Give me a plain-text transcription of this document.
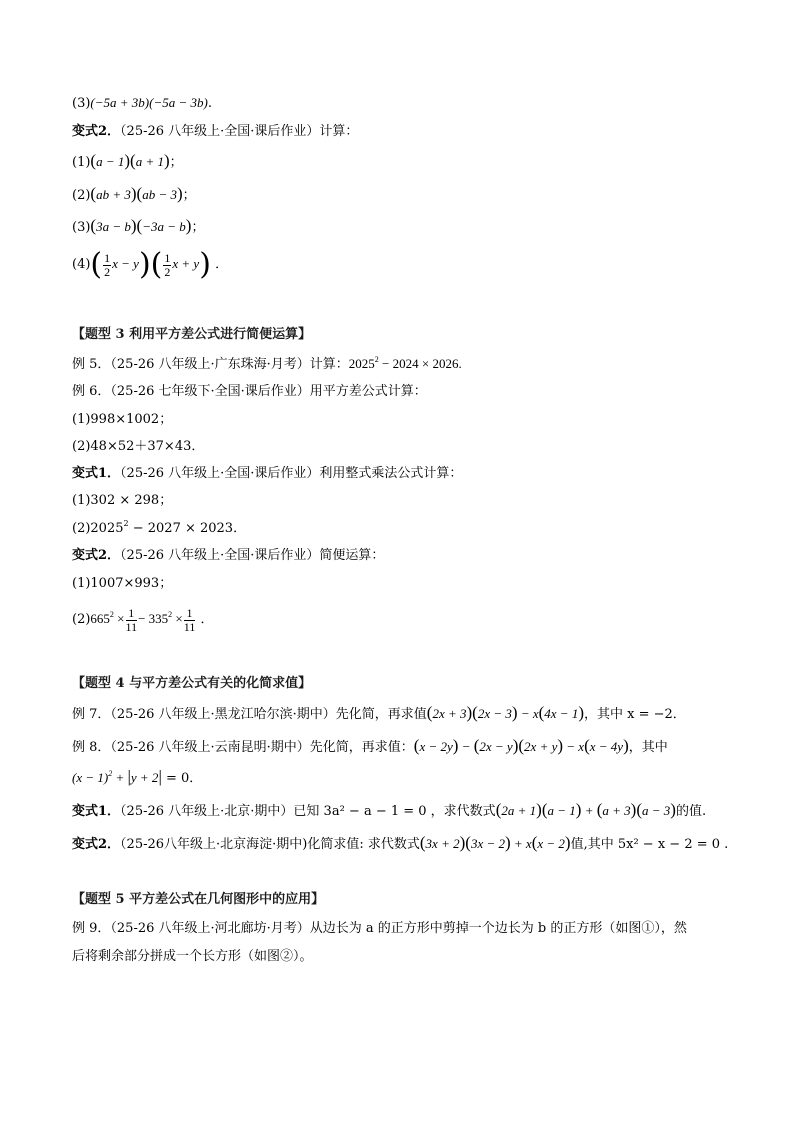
(3)(−5a + 3b)(−5a − 3b).
变式2．（25-26 八年级上·全国·课后作业）计算：
(1)(a − 1)(a + 1)；
(2)(ab + 3)(ab − 3)；
(3)(3a − b)(−3a − b)；
$(4)( \frac{1}{2}$ $x - y)( \frac{1}{2}$ x + y) ．
【题型 3 利用平方差公式进行简便运算】
例 5．（25-26 八年级上·广东珠海·月考）计算：$2025^2 - 2024 \times 2026$.
例 6．（25-26 七年级下·全国·课后作业）用平方差公式计算：
(1)998×1002；
(2)48×52＋37×43．
变式1．（25-26 八年级上·全国·课后作业）利用整式乘法公式计算：
(1)302 × 298；
$(2)2025^2 - 2027 \times 2023$．
变式2．（25-26 八年级上·全国·课后作业）简便运算：
(1)1007×993；
$(2)665^2 \times \frac{1}{11} - 335^2 \times \frac{1}{11}$ ．
【题型 4 与平方差公式有关的化简求值】
例 7．（25-26 八年级上·黑龙江哈尔滨·期中）先化简，再求值(2x + 3)(2x − 3) − x(4x − 1)，其中 x = −2．
例 8．（25-26 八年级上·云南昆明·期中）先化简，再求值：(x − 2y) − (2x − y)(2x + y) − x(x − 4y)，其中
$(x - 1)^2 + |y + 2| = 0$．
变式1．（25-26 八年级上·北京·期中）已知 3a² − a − 1 = 0 ，求代数式(2a + 1)(a − 1) + (a + 3)(a − 3)的值.
变式2．（25-26八年级上·北京海淀·期中)化简求值: 求代数式(3x + 2)(3x − 2) + x(x − 2)值,其中 5x² − x − 2 = 0 .
【题型 5 平方差公式在几何图形中的应用】
例 9．（25-26 八年级上·河北廊坊·月考）从边长为 a 的正方形中剪掉一个边长为 b 的正方形（如图①），然
后将剩余部分拼成一个长方形（如图②）。
